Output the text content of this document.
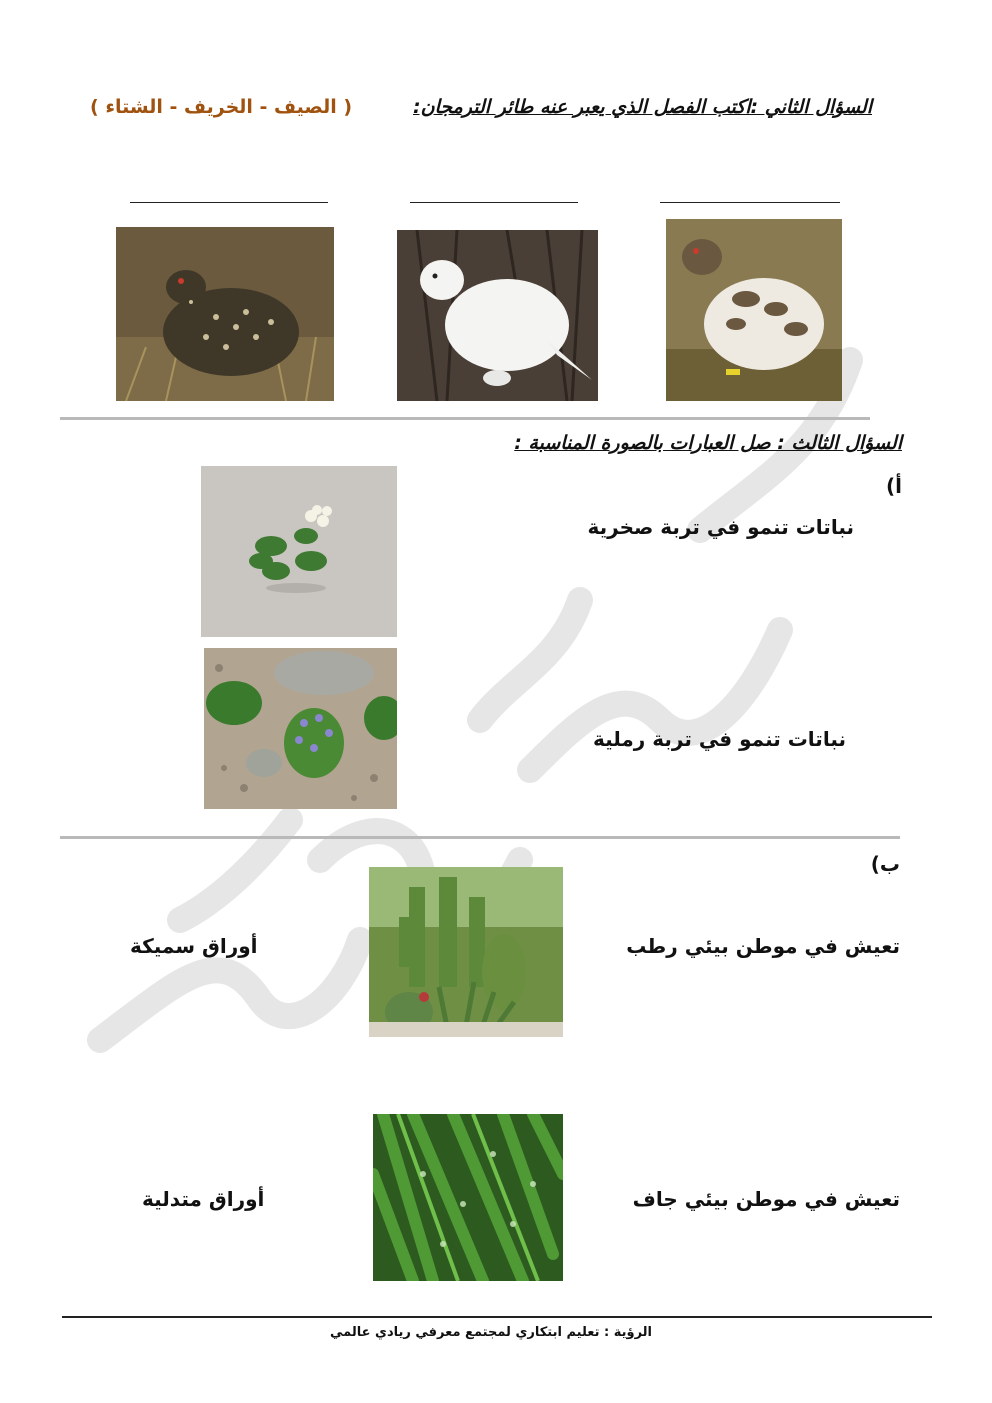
السؤال الثاني :اكتب الفصل الذي يعبر عنه طائر الترمجان:
( الصيف - الخريف - الشتاء )
السؤال الثالث : صل العبارات بالصورة المناسبة :
أ)
نباتات تنمو في تربة صخرية
نباتات تنمو في تربة رملية
ب)
تعيش في موطن بيئي رطب
تعيش في موطن بيئي جاف
أوراق سميكة
أوراق متدلية
الرؤية : تعليم ابتكاري لمجتمع معرفي ريادي عالمي
